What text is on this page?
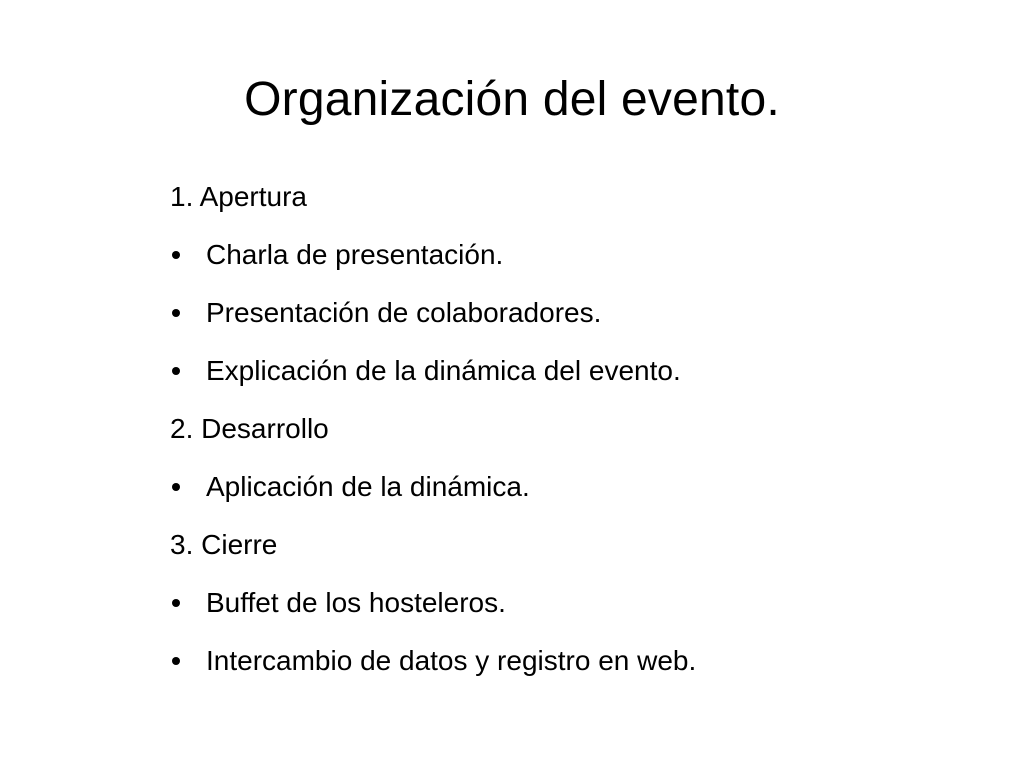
Organización del evento.
1. Apertura
Charla de presentación.
Presentación de colaboradores.
Explicación de la dinámica del evento.
2. Desarrollo
Aplicación de la dinámica.
3. Cierre
Buffet de los hosteleros.
Intercambio de datos y registro en web.
